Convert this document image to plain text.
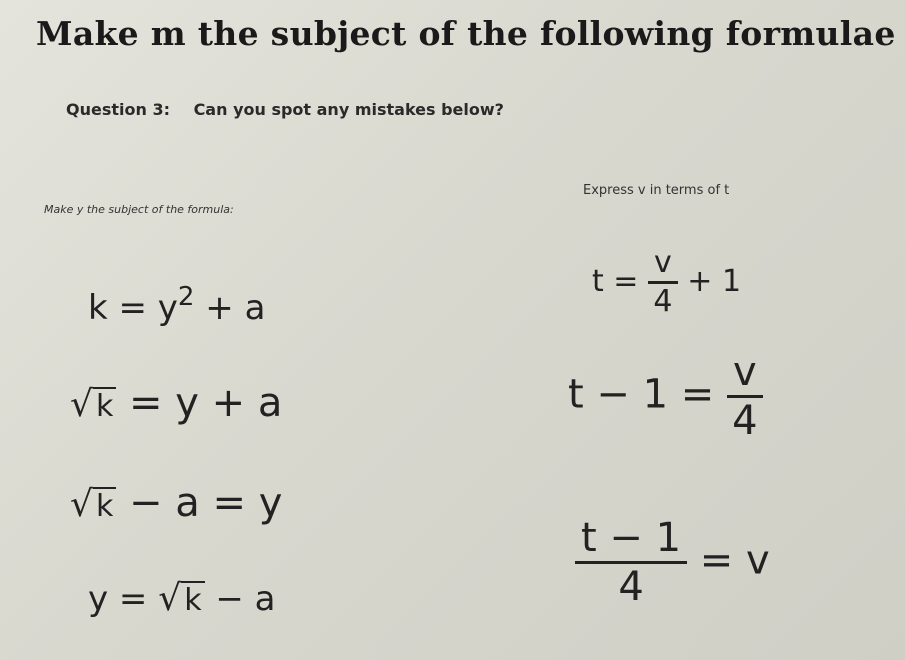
Make m the subject of the following formulae
Question 3: Can you spot any mistakes below?
Make y the subject of the formula:
Express v in terms of t
$k = y^2 + a$
√ k = y + a
√ k − a = y
y = √ k − a
$t = \frac{v}{4} + 1$
$t - 1 = \frac{v}{4}$
$\frac{t - 1}{4} = v$
